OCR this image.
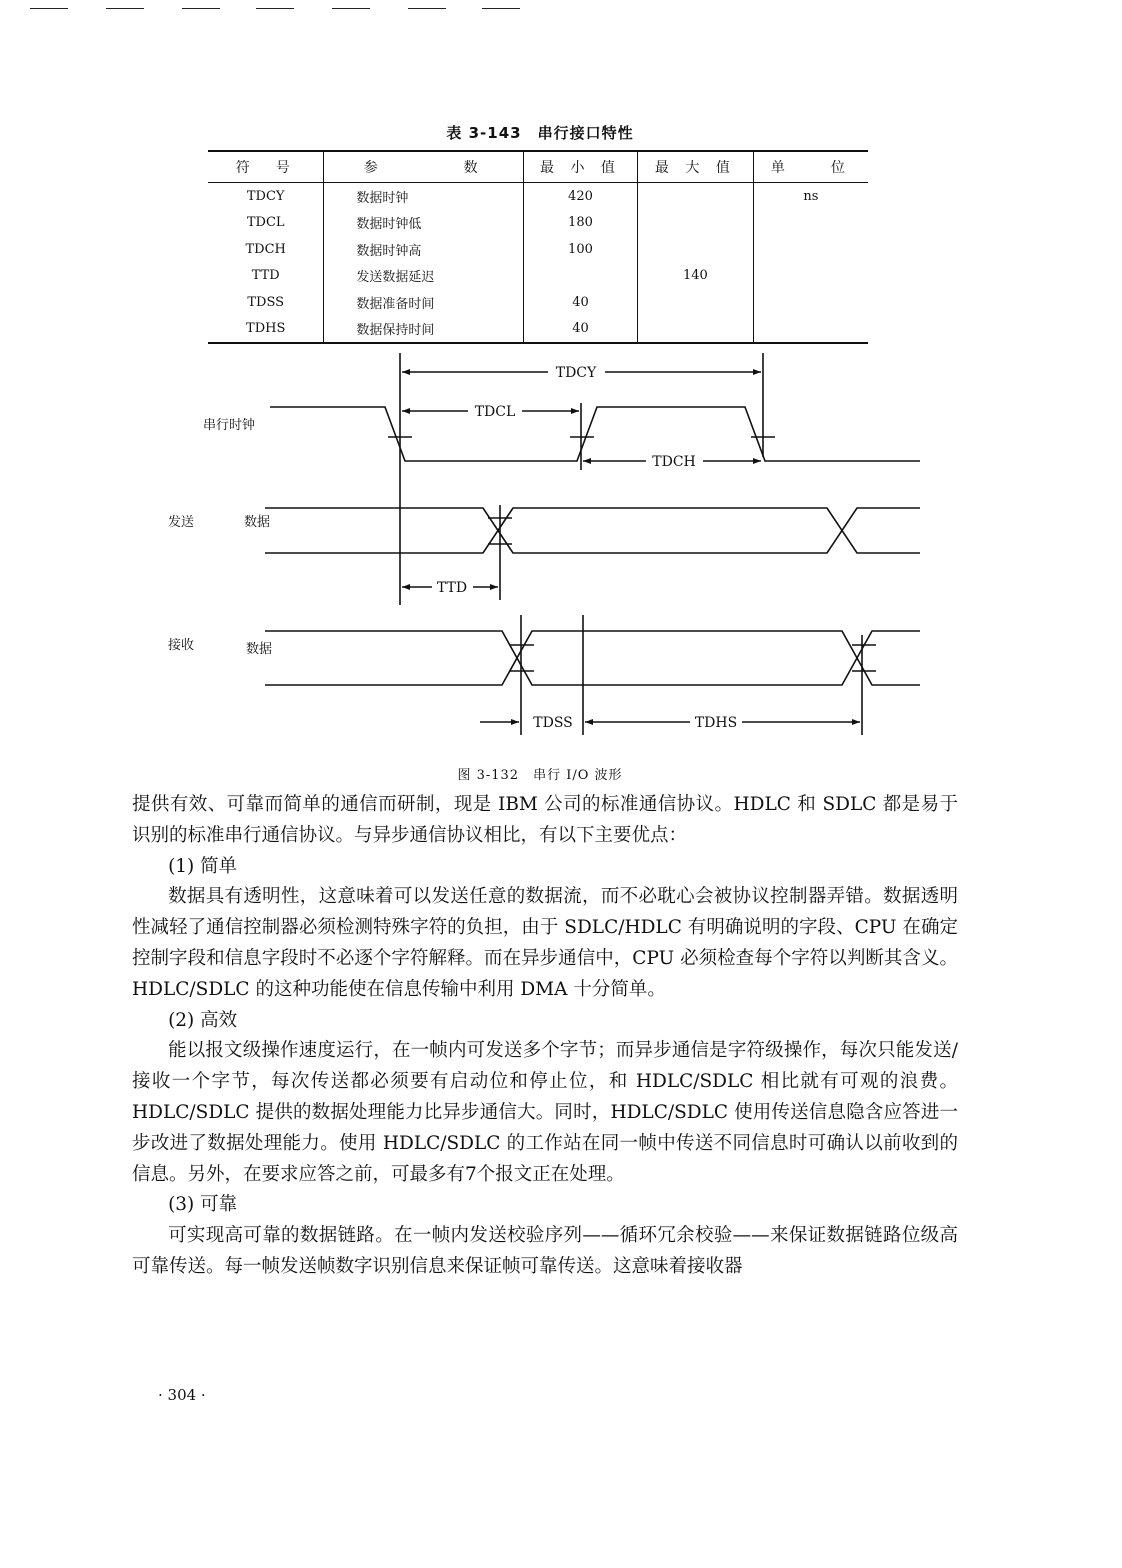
表 3-143　串行接口特性
符　号	参　　　　数	最 小 值	最 大 值	单　　位
TDCY	数据时钟	420		ns
TDCL	数据时钟低	180		
TDCH	数据时钟高	100		
TTD	发送数据延迟		140	
TDSS	数据准备时间	40		
TDHS	数据保持时间	40		
TDCY
TDCL
TDCH
TTD
TDSS	TDHS
串行时钟
发送	数据
接收	数据
图 3-132　串行 I/O 波形

提供有效、可靠而简单的通信而研制，现是 IBM 公司的标准通信协议。HDLC 和 SDLC 都是易于识别的标准串行通信协议。与异步通信协议相比，有以下主要优点：

(1) 简单

数据具有透明性，这意味着可以发送任意的数据流，而不必耽心会被协议控制器弄错。数据透明性减轻了通信控制器必须检测特殊字符的负担，由于 SDLC/HDLC 有明确说明的字段、CPU 在确定控制字段和信息字段时不必逐个字符解释。而在异步通信中，CPU 必须检查每个字符以判断其含义。HDLC/SDLC 的这种功能使在信息传输中利用 DMA 十分简单。

(2) 高效

能以报文级操作速度运行，在一帧内可发送多个字节；而异步通信是字符级操作，每次只能发送/接收一个字节，每次传送都必须要有启动位和停止位，和 HDLC/SDLC 相比就有可观的浪费。HDLC/SDLC 提供的数据处理能力比异步通信大。同时，HDLC/SDLC 使用传送信息隐含应答进一步改进了数据处理能力。使用 HDLC/SDLC 的工作站在同一帧中传送不同信息时可确认以前收到的信息。另外，在要求应答之前，可最多有7个报文正在处理。

(3) 可靠

可实现高可靠的数据链路。在一帧内发送校验序列——循环冗余校验——来保证数据链路位级高可靠传送。每一帧发送帧数字识别信息来保证帧可靠传送。这意味着接收器

· 304 ·
